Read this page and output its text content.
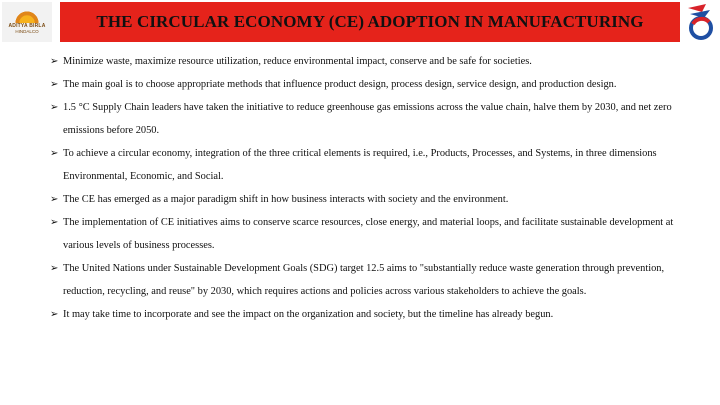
ADITYA BIRLA
HINDALCO
THE CIRCULAR ECONOMY (CE) ADOPTION IN MANUFACTURING
➢ Minimize waste, maximize resource utilization, reduce environmental impact, conserve and be safe for societies.
➢ The main goal is to choose appropriate methods that influence product design, process design, service design, and production design.
➢ 1.5 °C Supply Chain leaders have taken the initiative to reduce greenhouse gas emissions across the value chain, halve them by 2030, and net zero emissions before 2050.
➢ To achieve a circular economy, integration of the three critical elements is required, i.e., Products, Processes, and Systems, in three dimensions Environmental, Economic, and Social.
➢ The CE has emerged as a major paradigm shift in how business interacts with society and the environment.
➢ The implementation of CE initiatives aims to conserve scarce resources, close energy, and material loops, and facilitate sustainable development at various levels of business processes.
➢ The United Nations under Sustainable Development Goals (SDG) target 12.5 aims to "substantially reduce waste generation through prevention, reduction, recycling, and reuse" by 2030, which requires actions and policies across various stakeholders to achieve the goals.
➢ It may take time to incorporate and see the impact on the organization and society, but the timeline has already begun.
